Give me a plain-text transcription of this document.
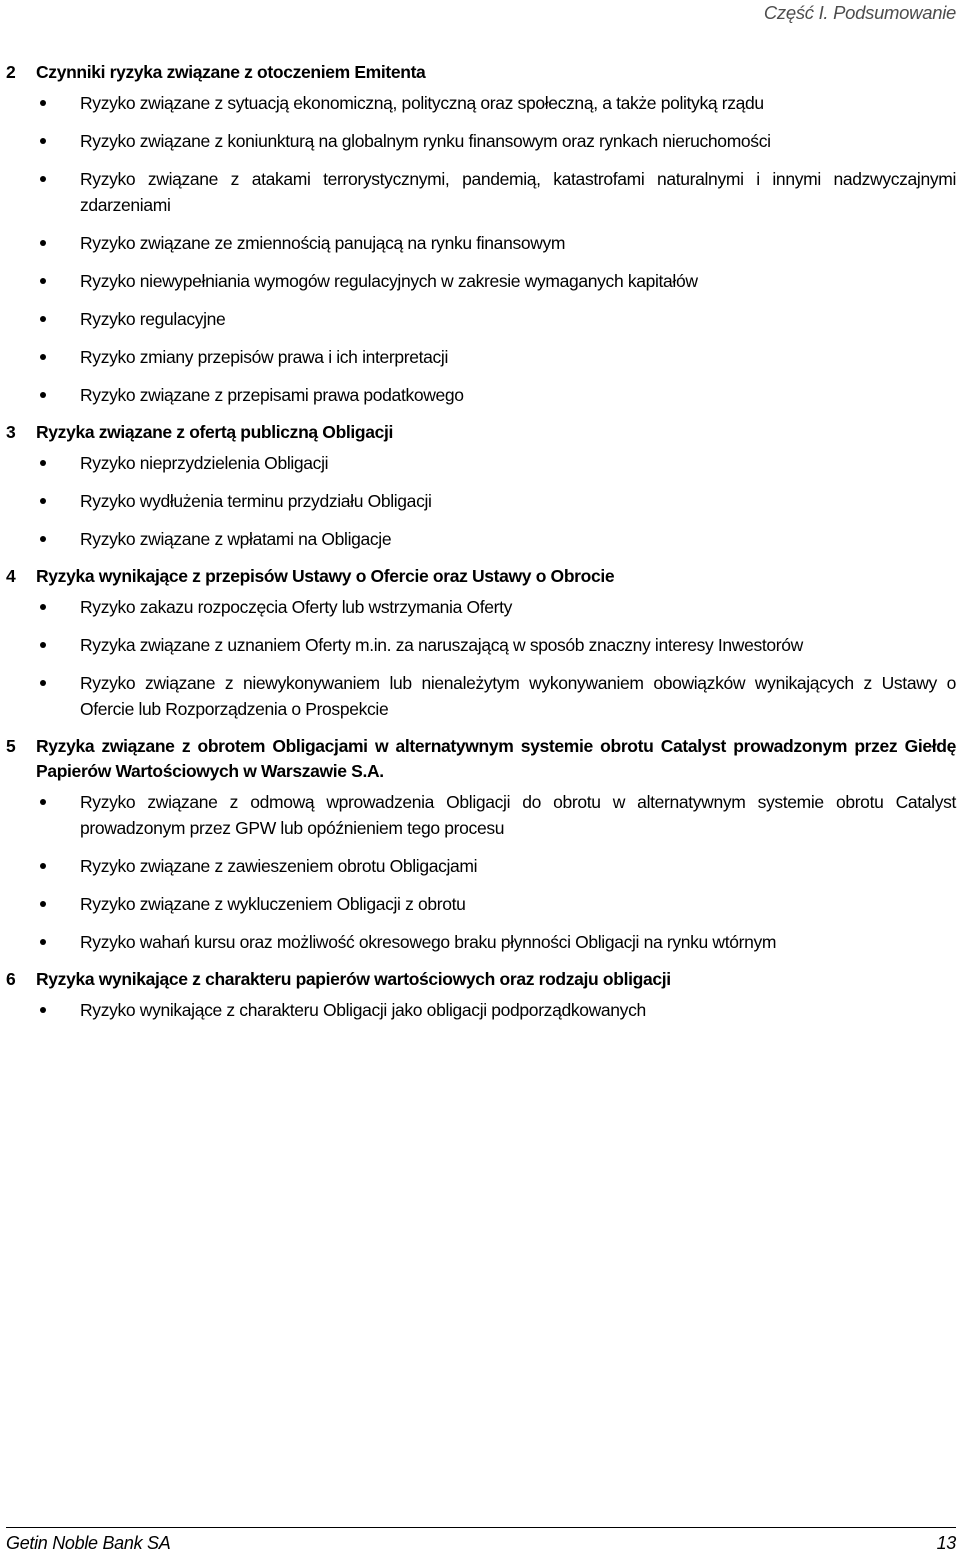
Część I. Podsumowanie
2	Czynniki ryzyka związane z otoczeniem Emitenta
Ryzyko związane z sytuacją ekonomiczną, polityczną oraz społeczną, a także polityką rządu
Ryzyko związane z koniunkturą na globalnym rynku finansowym oraz rynkach nieruchomości
Ryzyko związane z atakami terrorystycznymi, pandemią, katastrofami naturalnymi i innymi nadzwyczajnymi zdarzeniami
Ryzyko związane ze zmiennością panującą na rynku finansowym
Ryzyko niewypełniania wymogów regulacyjnych w zakresie wymaganych kapitałów
Ryzyko regulacyjne
Ryzyko zmiany przepisów prawa i ich interpretacji
Ryzyko związane z przepisami prawa podatkowego
3	Ryzyka związane z ofertą publiczną Obligacji
Ryzyko nieprzydzielenia Obligacji
Ryzyko wydłużenia terminu przydziału Obligacji
Ryzyko związane z wpłatami na Obligacje
4	Ryzyka wynikające z przepisów Ustawy o Ofercie oraz Ustawy o Obrocie
Ryzyko zakazu rozpoczęcia Oferty lub wstrzymania Oferty
Ryzyka związane z uznaniem Oferty m.in. za naruszającą w sposób znaczny interesy Inwestorów
Ryzyko związane z niewykonywaniem lub nienależytym wykonywaniem obowiązków wynikających z Ustawy o Ofercie lub Rozporządzenia o Prospekcie
5	Ryzyka związane z obrotem Obligacjami w alternatywnym systemie obrotu Catalyst prowadzonym przez Giełdę Papierów Wartościowych w Warszawie S.A.
Ryzyko związane z odmową wprowadzenia Obligacji do obrotu w alternatywnym systemie obrotu Catalyst prowadzonym przez GPW lub opóźnieniem tego procesu
Ryzyko związane z zawieszeniem obrotu Obligacjami
Ryzyko związane z wykluczeniem Obligacji z obrotu
Ryzyko wahań kursu oraz możliwość okresowego braku płynności Obligacji na rynku wtórnym
6	Ryzyka wynikające z charakteru papierów wartościowych oraz rodzaju obligacji
Ryzyko wynikające z charakteru Obligacji jako obligacji podporządkowanych
Getin Noble Bank SA	13
